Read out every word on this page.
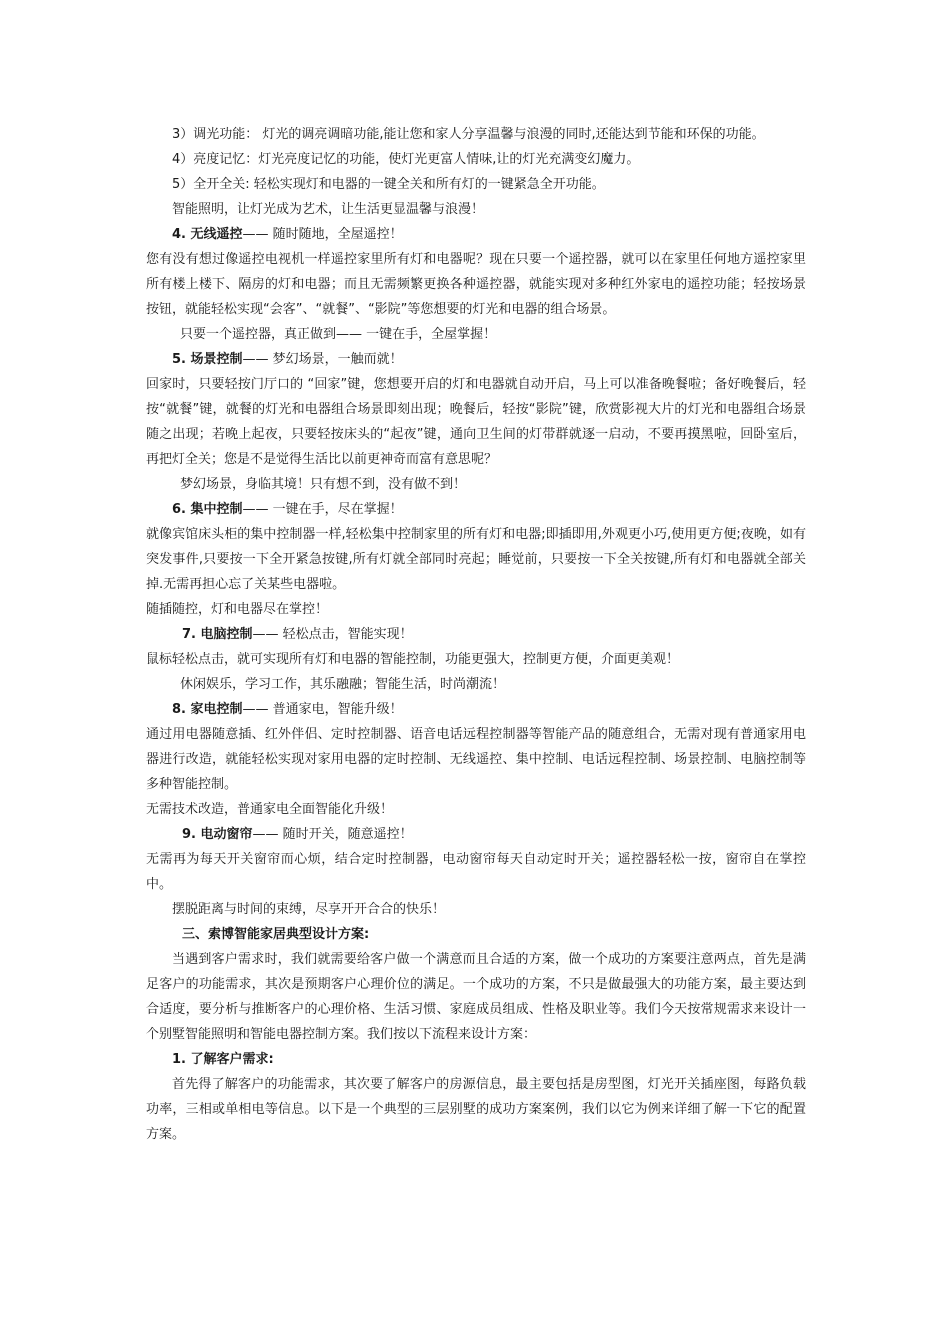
3）调光功能： 灯光的调亮调暗功能,能让您和家人分享温馨与浪漫的同时,还能达到节能和环保的功能。

4）亮度记忆：灯光亮度记忆的功能，使灯光更富人情味,让的灯光充满变幻魔力。

5）全开全关: 轻松实现灯和电器的一键全关和所有灯的一键紧急全开功能。

智能照明，让灯光成为艺术，让生活更显温馨与浪漫！

4. 无线遥控—— 随时随地，全屋遥控！

您有没有想过像遥控电视机一样遥控家里所有灯和电器呢？现在只要一个遥控器，就可以在家里任何地方遥控家里所有楼上楼下、隔房的灯和电器；而且无需频繁更换各种遥控器，就能实现对多种红外家电的遥控功能；轻按场景按钮，就能轻松实现“会客”、“就餐”、“影院”等您想要的灯光和电器的组合场景。

只要一个遥控器，真正做到—— 一键在手，全屋掌握！

5. 场景控制—— 梦幻场景，一触而就！

回家时，只要轻按门厅口的 “回家”键，您想要开启的灯和电器就自动开启，马上可以准备晚餐啦；备好晚餐后，轻按“就餐”键，就餐的灯光和电器组合场景即刻出现；晚餐后，轻按“影院”键，欣赏影视大片的灯光和电器组合场景随之出现；若晚上起夜，只要轻按床头的“起夜”键，通向卫生间的灯带群就逐一启动，不要再摸黑啦，回卧室后，再把灯全关；您是不是觉得生活比以前更神奇而富有意思呢？

梦幻场景，身临其境！只有想不到，没有做不到！

6. 集中控制—— 一键在手，尽在掌握！

就像宾馆床头柜的集中控制器一样,轻松集中控制家里的所有灯和电器;即插即用,外观更小巧,使用更方便;夜晚，如有突发事件,只要按一下全开紧急按键,所有灯就全部同时亮起；睡觉前，只要按一下全关按键,所有灯和电器就全部关掉.无需再担心忘了关某些电器啦。

随插随控，灯和电器尽在掌控！

7. 电脑控制—— 轻松点击，智能实现！

鼠标轻松点击，就可实现所有灯和电器的智能控制，功能更强大，控制更方便，介面更美观！

休闲娱乐，学习工作，其乐融融；智能生活，时尚潮流！

8. 家电控制—— 普通家电，智能升级！

通过用电器随意插、红外伴侣、定时控制器、语音电话远程控制器等智能产品的随意组合，无需对现有普通家用电器进行改造，就能轻松实现对家用电器的定时控制、无线遥控、集中控制、电话远程控制、场景控制、电脑控制等多种智能控制。

无需技术改造，普通家电全面智能化升级！

9. 电动窗帘—— 随时开关，随意遥控！

无需再为每天开关窗帘而心烦，结合定时控制器，电动窗帘每天自动定时开关；遥控器轻松一按，窗帘自在掌控中。

摆脱距离与时间的束缚，尽享开开合合的快乐！

三、索博智能家居典型设计方案:

当遇到客户需求时，我们就需要给客户做一个满意而且合适的方案，做一个成功的方案要注意两点，首先是满足客户的功能需求，其次是预期客户心理价位的满足。一个成功的方案，不只是做最强大的功能方案，最主要达到合适度，要分析与推断客户的心理价格、生活习惯、家庭成员组成、性格及职业等。我们今天按常规需求来设计一个别墅智能照明和智能电器控制方案。我们按以下流程来设计方案：

1. 了解客户需求:

首先得了解客户的功能需求，其次要了解客户的房源信息，最主要包括是房型图，灯光开关插座图，每路负载功率，三相或单相电等信息。以下是一个典型的三层别墅的成功方案案例，我们以它为例来详细了解一下它的配置方案。
